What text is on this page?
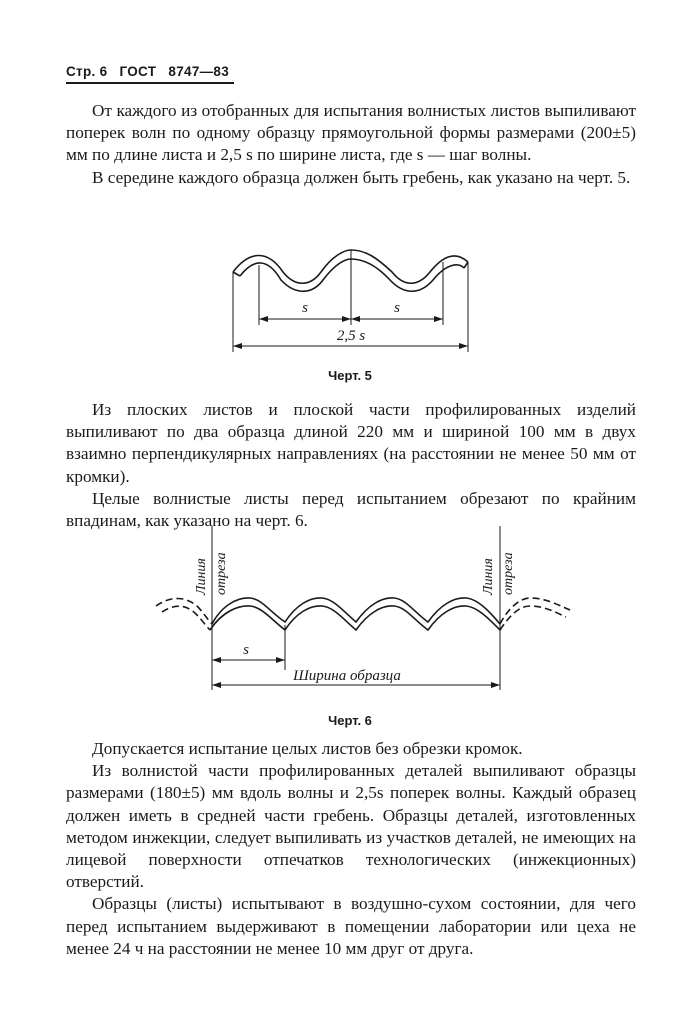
Стр. 6 ГОСТ 8747—83

От каждого из отобранных для испытания волнистых листов выпиливают поперек волн по одному образцу прямоугольной формы размерами (200±5) мм по длине листа и 2,5 s по ширине листа, где s — шаг волны.

В середине каждого образца должен быть гребень, как указано на черт. 5.

s	s
2,5 s
Черт. 5

Из плоских листов и плоской части профилированных изделий выпиливают по два образца длиной 220 мм и шириной 100 мм в двух взаимно перпендикулярных направлениях (на расстоянии не менее 50 мм от кромки).

Целые волнистые листы перед испытанием обрезают по крайним впадинам, как указано на черт. 6.

Линия отреза	Линия отреза
s
Ширина образца
Черт. 6

Допускается испытание целых листов без обрезки кромок.

Из волнистой части профилированных деталей выпиливают образцы размерами (180±5) мм вдоль волны и 2,5s поперек волны. Каждый образец должен иметь в средней части гребень. Образцы деталей, изготовленных методом инжекции, следует выпиливать из участков деталей, не имеющих на лицевой поверхности отпечатков технологических (инжекционных) отверстий.

Образцы (листы) испытывают в воздушно-сухом состоянии, для чего перед испытанием выдерживают в помещении лаборатории или цеха не менее 24 ч на расстоянии не менее 10 мм друг от друга.
